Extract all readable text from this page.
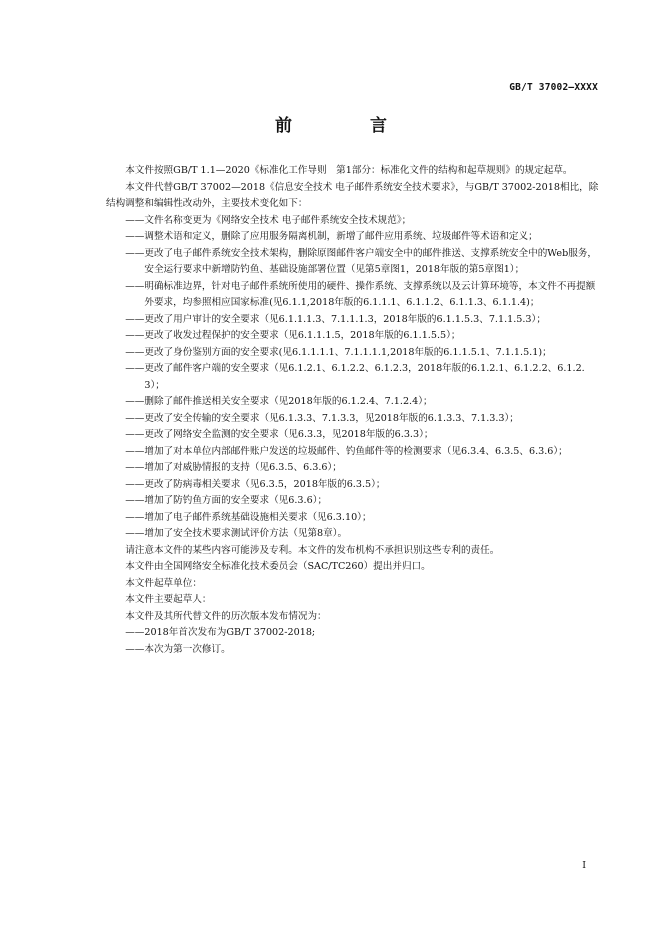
GB/T 37002—XXXX
前 言

本文件按照GB/T 1.1—2020《标准化工作导则　第1部分：标准化文件的结构和起草规则》的规定起草。

本文件代替GB/T 37002—2018《信息安全技术 电子邮件系统安全技术要求》，与GB/T 37002-2018相比，除结构调整和编辑性改动外，主要技术变化如下：

—— 文件名称变更为《网络安全技术 电子邮件系统安全技术规范》；
—— 调整术语和定义，删除了应用服务隔离机制，新增了邮件应用系统、垃圾邮件等术语和定义；
—— 更改了电子邮件系统安全技术架构，删除原图邮件客户端安全中的邮件推送、支撑系统安全中的Web服务，安全运行要求中新增防钓鱼、基础设施部署位置（见第5章图1，2018年版的第5章图1）；
—— 明确标准边界，针对电子邮件系统所使用的硬件、操作系统、支撑系统以及云计算环境等，本文件不再提额外要求，均参照相应国家标准(见6.1.1,2018年版的6.1.1.1、6.1.1.2、6.1.1.3、6.1.1.4)；
—— 更改了用户审计的安全要求（见6.1.1.1.3、7.1.1.1.3，2018年版的6.1.1.5.3、7.1.1.5.3）；
—— 更改了收发过程保护的安全要求（见6.1.1.1.5，2018年版的6.1.1.5.5）；
—— 更改了身份鉴别方面的安全要求(见6.1.1.1.1、7.1.1.1.1,2018年版的6.1.1.5.1、7.1.1.5.1)；
—— 更改了邮件客户端的安全要求（见6.1.2.1、6.1.2.2、6.1.2.3，2018年版的6.1.2.1、6.1.2.2、6.1.2.3）；
—— 删除了邮件推送相关安全要求（见2018年版的6.1.2.4、7.1.2.4）；
—— 更改了安全传输的安全要求（见6.1.3.3、7.1.3.3，见2018年版的6.1.3.3、7.1.3.3）；
—— 更改了网络安全监测的安全要求（见6.3.3，见2018年版的6.3.3）；
—— 增加了对本单位内部邮件账户发送的垃圾邮件、钓鱼邮件等的检测要求（见6.3.4、6.3.5、6.3.6）；
—— 增加了对威胁情报的支持（见6.3.5、6.3.6）；
—— 更改了防病毒相关要求（见6.3.5，2018年版的6.3.5）；
—— 增加了防钓鱼方面的安全要求（见6.3.6）；
—— 增加了电子邮件系统基础设施相关要求（见6.3.10）；
—— 增加了安全技术要求测试评价方法（见第8章）。

请注意本文件的某些内容可能涉及专利。本文件的发布机构不承担识别这些专利的责任。

本文件由全国网络安全标准化技术委员会（SAC/TC260）提出并归口。

本文件起草单位：

本文件主要起草人：

本文件及其所代替文件的历次版本发布情况为：

—— 2018年首次发布为GB/T 37002-2018;
—— 本次为第一次修订。
I
